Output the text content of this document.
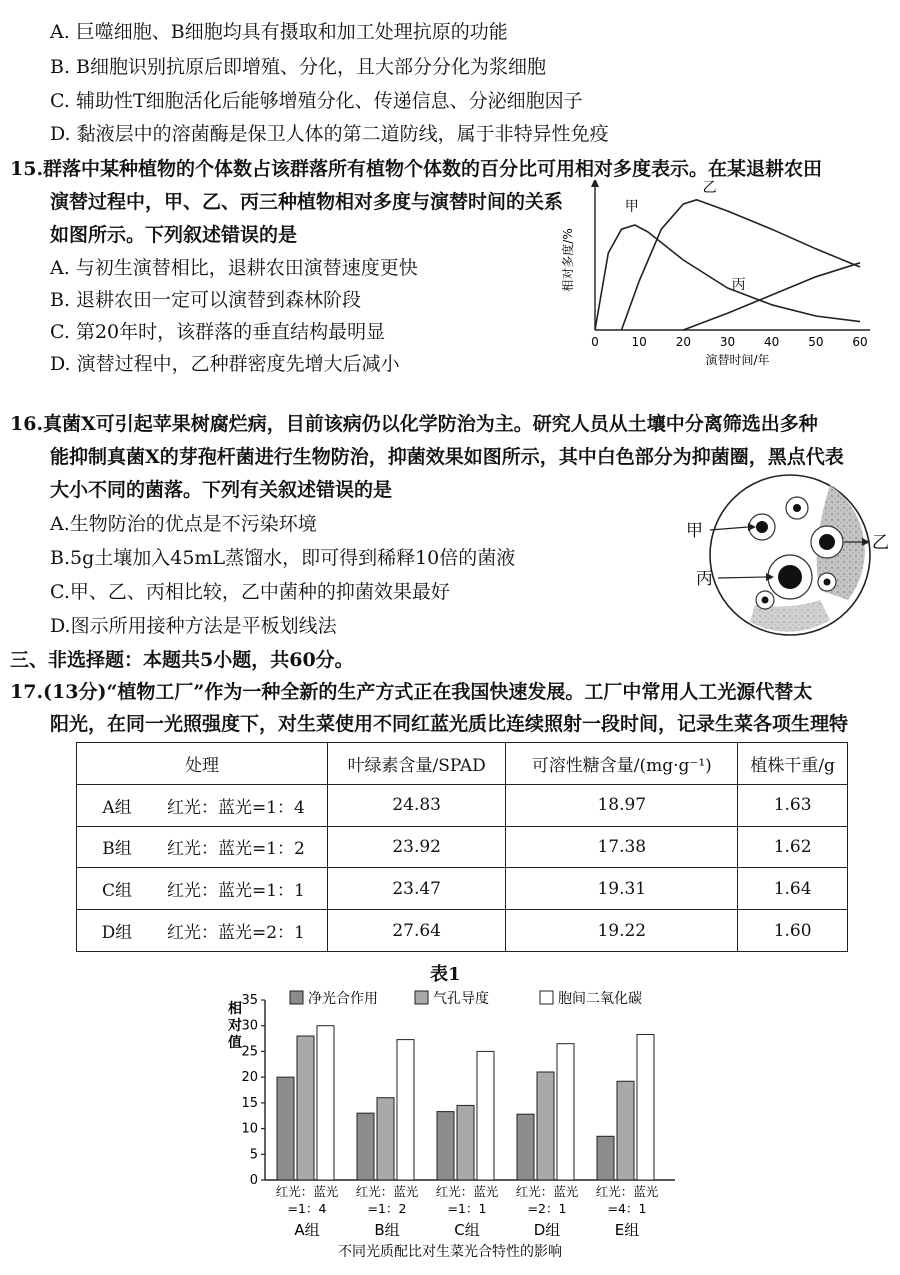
A. 巨噬细胞、B细胞均具有摄取和加工处理抗原的功能
B. B细胞识别抗原后即增殖、分化，且大部分分化为浆细胞
C. 辅助性T细胞活化后能够增殖分化、传递信息、分泌细胞因子
D. 黏液层中的溶菌酶是保卫人体的第二道防线，属于非特异性免疫
15.群落中某种植物的个体数占该群落所有植物个体数的百分比可用相对多度表示。在某退耕农田
演替过程中，甲、乙、丙三种植物相对多度与演替时间的关系
如图所示。下列叙述错误的是
A. 与初生演替相比，退耕农田演替速度更快
B. 退耕农田一定可以演替到森林阶段
C. 第20年时，该群落的垂直结构最明显
D. 演替过程中，乙种群密度先增大后减小
0	10 20 30 40 50 60
演替时间/年
相对多度/%
甲
乙
丙
16.真菌X可引起苹果树腐烂病，目前该病仍以化学防治为主。研究人员从土壤中分离筛选出多种
能抑制真菌X的芽孢杆菌进行生物防治，抑菌效果如图所示，其中白色部分为抑菌圈，黑点代表
大小不同的菌落。下列有关叙述错误的是
A.生物防治的优点是不污染环境
B.5g土壤加入45mL蒸馏水，即可得到稀释10倍的菌液
C.甲、乙、丙相比较，乙中菌种的抑菌效果最好
D.图示所用接种方法是平板划线法
甲
乙
丙
三、非选择题：本题共5小题，共60分。
17.(13分)“植物工厂”作为一种全新的生产方式正在我国快速发展。工厂中常用人工光源代替太
阳光，在同一光照强度下，对生菜使用不同红蓝光质比连续照射一段时间，记录生菜各项生理特
处理		叶绿素含量/SPAD	可溶性糖含量/(mg·g⁻¹)	植株干重/g
A组	红光：蓝光=1：4	24.83	18.97	1.63
B组	红光：蓝光=1：2	23.92	17.38	1.62
C组	红光：蓝光=1：1	23.47	19.31	1.64
D组	红光：蓝光=2：1	27.64	19.22	1.60
表1
净光合作用	气孔导度	胞间二氧化碳
0
5
10
15
20
25
30
35
相
对
值
红光：蓝光
=1：4
A组
红光：蓝光
=1：2
B组
红光：蓝光
=1：1
C组
红光：蓝光
=2：1
D组
红光：蓝光
=4：1
E组
不同光质配比对生菜光合特性的影响
